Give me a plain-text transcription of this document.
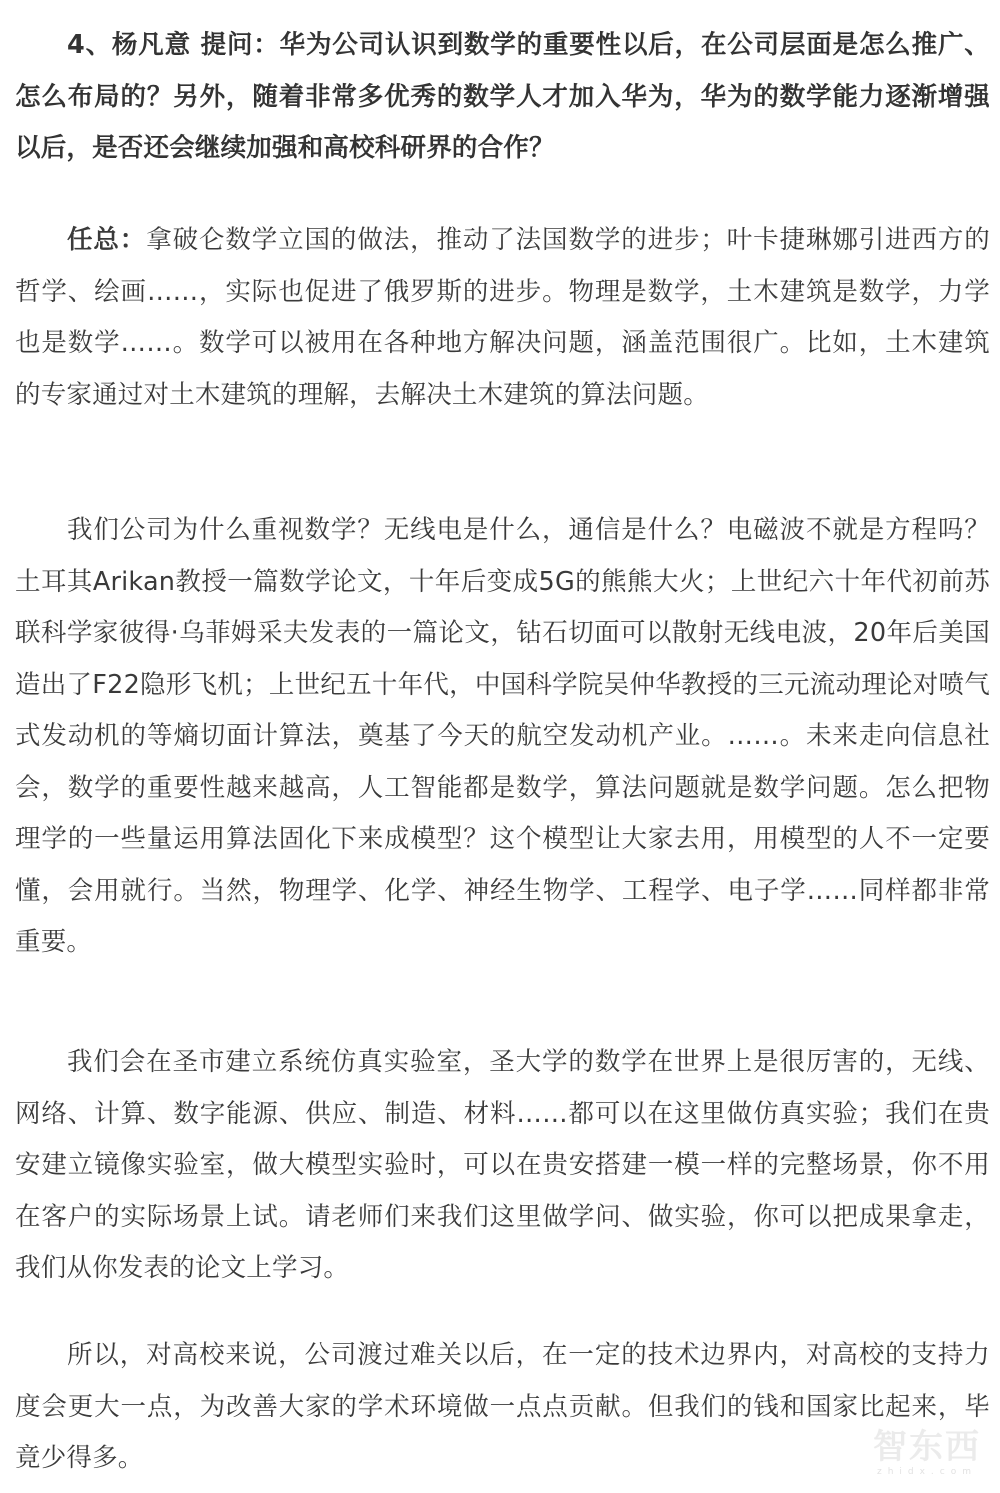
4、杨凡意 提问：华为公司认识到数学的重要性以后，在公司层面是怎么推广、怎么布局的？另外，随着非常多优秀的数学人才加入华为，华为的数学能力逐渐增强以后，是否还会继续加强和高校科研界的合作？

任总：拿破仑数学立国的做法，推动了法国数学的进步；叶卡捷琳娜引进西方的哲学、绘画……，实际也促进了俄罗斯的进步。物理是数学，土木建筑是数学，力学也是数学……。数学可以被用在各种地方解决问题，涵盖范围很广。比如，土木建筑的专家通过对土木建筑的理解，去解决土木建筑的算法问题。

我们公司为什么重视数学？无线电是什么，通信是什么？电磁波不就是方程吗？土耳其Arikan教授一篇数学论文，十年后变成5G的熊熊大火；上世纪六十年代初前苏联科学家彼得·乌菲姆采夫发表的一篇论文，钻石切面可以散射无线电波，20年后美国造出了F22隐形飞机；上世纪五十年代，中国科学院吴仲华教授的三元流动理论对喷气式发动机的等熵切面计算法，奠基了今天的航空发动机产业。……。未来走向信息社会，数学的重要性越来越高，人工智能都是数学，算法问题就是数学问题。怎么把物理学的一些量运用算法固化下来成模型？这个模型让大家去用，用模型的人不一定要懂，会用就行。当然，物理学、化学、神经生物学、工程学、电子学……同样都非常重要。

我们会在圣市建立系统仿真实验室，圣大学的数学在世界上是很厉害的，无线、网络、计算、数字能源、供应、制造、材料……都可以在这里做仿真实验；我们在贵安建立镜像实验室，做大模型实验时，可以在贵安搭建一模一样的完整场景，你不用在客户的实际场景上试。请老师们来我们这里做学问、做实验，你可以把成果拿走，我们从你发表的论文上学习。

所以，对高校来说，公司渡过难关以后，在一定的技术边界内，对高校的支持力度会更大一点，为改善大家的学术环境做一点点贡献。但我们的钱和国家比起来，毕竟少得多。	智东西
zhidx.com
